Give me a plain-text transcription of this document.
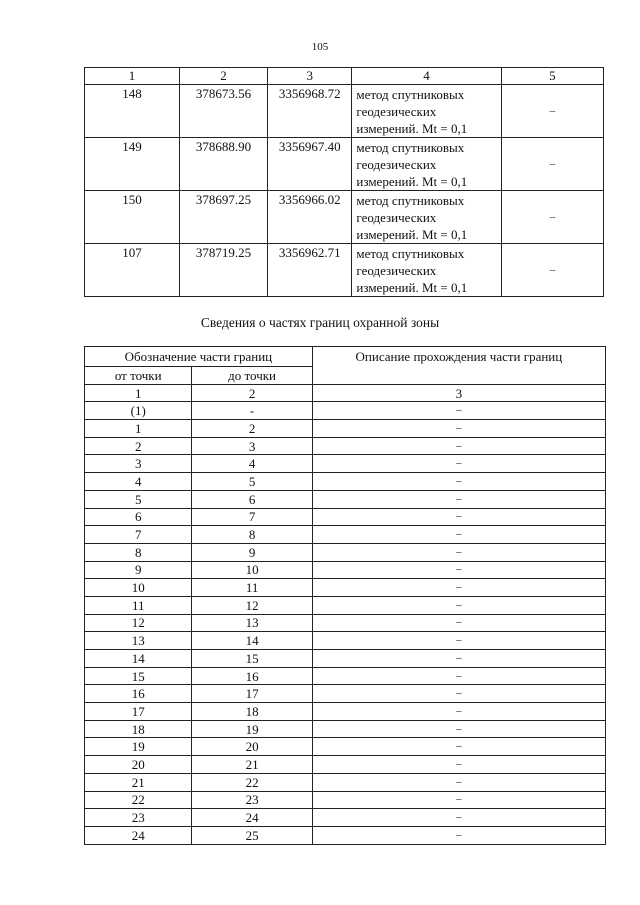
105
1	2	3	4	5
148	378673.56	3356968.72	метод спутниковых геодезических измерений. Mt = 0,1	–
149	378688.90	3356967.40	метод спутниковых геодезических измерений. Mt = 0,1	–
150	378697.25	3356966.02	метод спутниковых геодезических измерений. Mt = 0,1	–
107	378719.25	3356962.71	метод спутниковых геодезических измерений. Mt = 0,1	–
Сведения о частях границ охранной зоны
Обозначение части границ		Описание прохождения части границ
от точки	до точки	
1	2	3
(1)	-	–
1	2	–
2	3	–
3	4	–
4	5	–
5	6	–
6	7	–
7	8	–
8	9	–
9	10	–
10	11	–
11	12	–
12	13	–
13	14	–
14	15	–
15	16	–
16	17	–
17	18	–
18	19	–
19	20	–
20	21	–
21	22	–
22	23	–
23	24	–
24	25	–
